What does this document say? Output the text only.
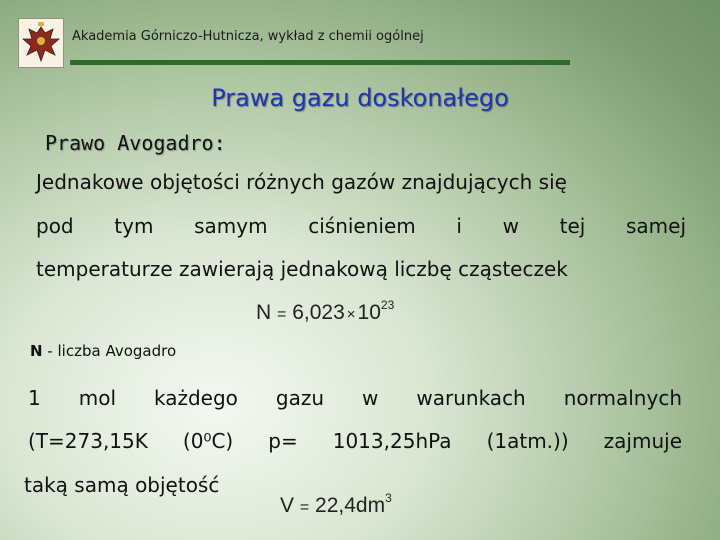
Akademia Górniczo-Hutnicza, wykład z chemii ogólnej
Prawa gazu doskonałego
Prawo Avogadro:
Jednakowe objętości różnych gazów znajdujących się
pod tym samym ciśnieniem i w tej samej
temperaturze zawierają jednakową liczbę cząsteczek
$N = 6,023 \times 10^{23}$
N - liczba Avogadro
1 mol każdego gazu w warunkach normalnych
(T=273,15K (0⁰C) p= 1013,25hPa (1atm.)) zajmuje
taką samą objętość
$V = 22,4dm^3$
